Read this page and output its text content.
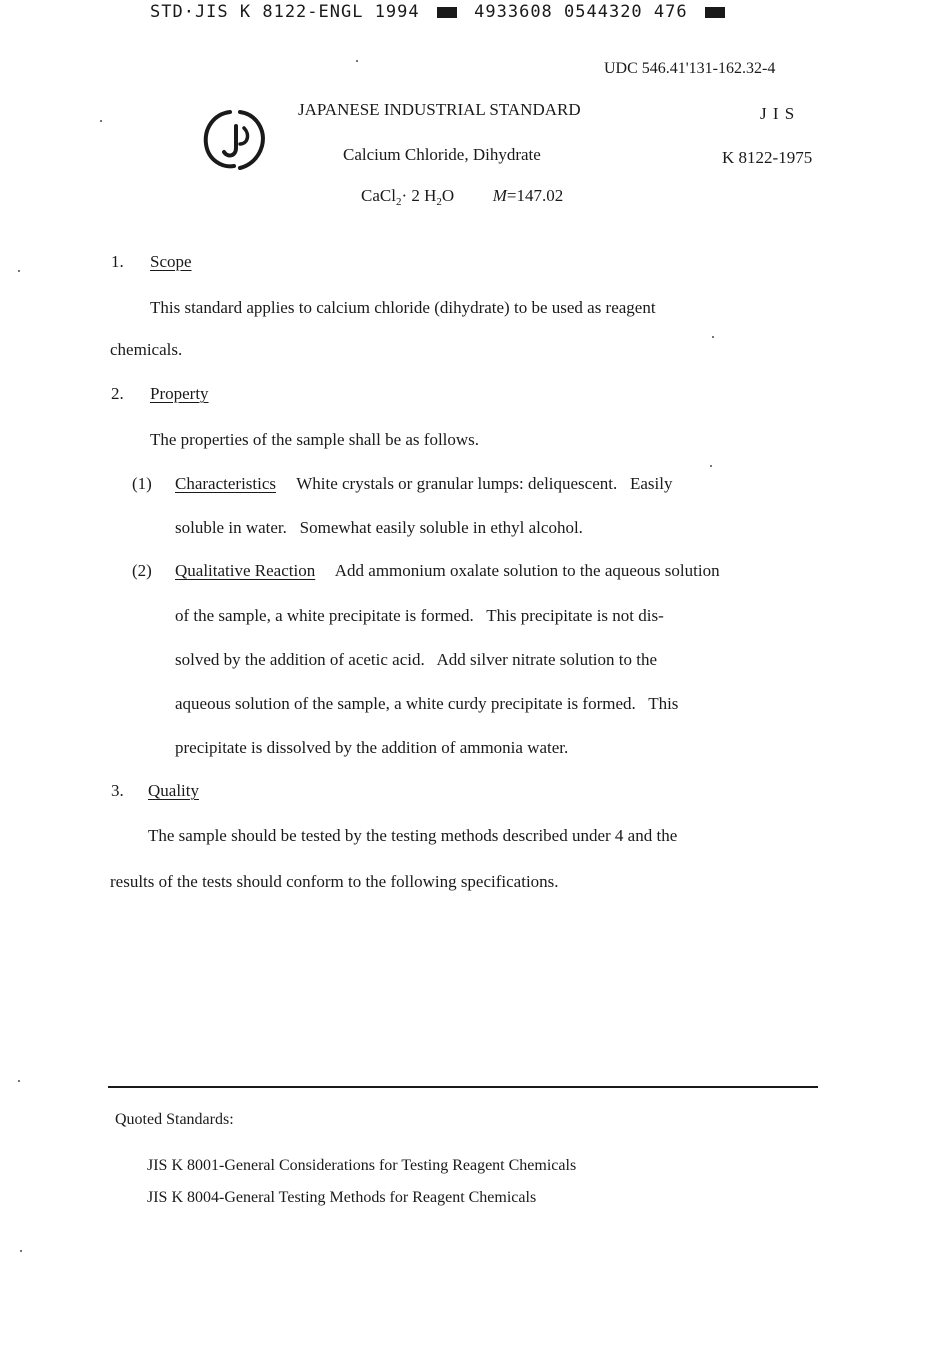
STD·JIS K 8122-ENGL 1994	4933608 0544320 476
UDC 546.41'131-162.32-4
JAPANESE INDUSTRIAL STANDARD	J I S
Calcium Chloride, Dihydrate	K 8122-1975
CaCl$_2$· 2 $H_2O$ M=147.02
1. Scope
This standard applies to calcium chloride (dihydrate) to be used as reagent
chemicals.
2. Property
The properties of the sample shall be as follows.
(1) Characteristics White crystals or granular lumps: deliquescent.   Easily
soluble in water.   Somewhat easily soluble in ethyl alcohol.
(2) Qualitative Reaction Add ammonium oxalate solution to the aqueous solution
of the sample, a white precipitate is formed.   This precipitate is not dis-
solved by the addition of acetic acid.   Add silver nitrate solution to the
aqueous solution of the sample, a white curdy precipitate is formed.   This
precipitate is dissolved by the addition of ammonia water.
3. Quality
The sample should be tested by the testing methods described under 4 and the
results of the tests should conform to the following specifications.
Quoted Standards:
JIS K 8001-General Considerations for Testing Reagent Chemicals
JIS K 8004-General Testing Methods for Reagent Chemicals
